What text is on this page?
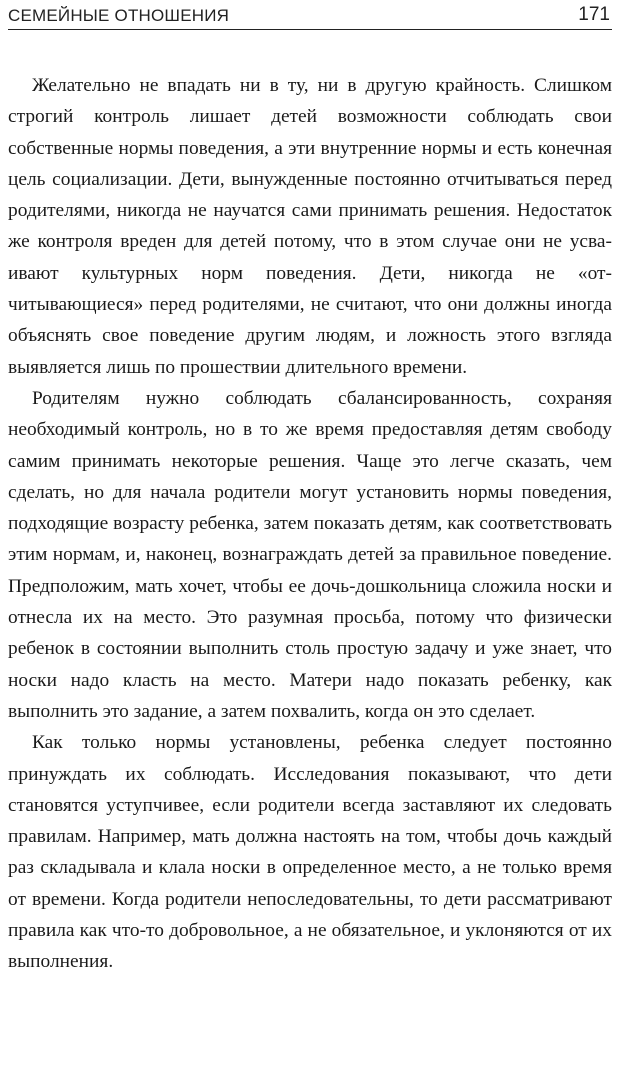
СЕМЕЙНЫЕ ОТНОШЕНИЯ	171

Желательно не впадать ни в ту, ни в другую крайность. Слишком строгий контроль лишает детей возможности соблюдать свои собственные нормы поведения, а эти внутренние нормы и есть конечная цель социализации. Дети, вынужденные постоянно отчитываться перед родителями, никогда не научатся сами принимать решения. Недостаток же контроля вреден для детей потому, что в этом случае они не усваивают культурных норм поведения. Дети, никогда не «отчитывающиеся» перед родителями, не считают, что они должны иногда объяснять свое поведение другим людям, и ложность этого взгляда выявляется лишь по прошествии длительного времени.

Родителям нужно соблюдать сбалансированность, сохраняя необходимый контроль, но в то же время предоставляя детям свободу самим принимать некоторые решения. Чаще это легче сказать, чем сделать, но для начала родители могут установить нормы поведения, подходящие возрасту ребенка, затем показать детям, как соответствовать этим нормам, и, наконец, вознаграждать детей за правильное поведение. Предположим, мать хочет, чтобы ее дочь-дошкольница сложила носки и отнесла их на место. Это разумная просьба, потому что физически ребенок в состоянии выполнить столь простую задачу и уже знает, что носки надо класть на место. Матери надо показать ребенку, как выполнить это задание, а затем похвалить, когда он это сделает.

Как только нормы установлены, ребенка следует постоянно принуждать их соблюдать. Исследования показывают, что дети становятся уступчивее, если родители всегда заставляют их следовать правилам. Например, мать должна настоять на том, чтобы дочь каждый раз складывала и клала носки в определенное место, а не только время от времени. Когда родители непоследовательны, то дети рассматривают правила как что-то добровольное, а не обязательное, и уклоняются от их выполнения.
